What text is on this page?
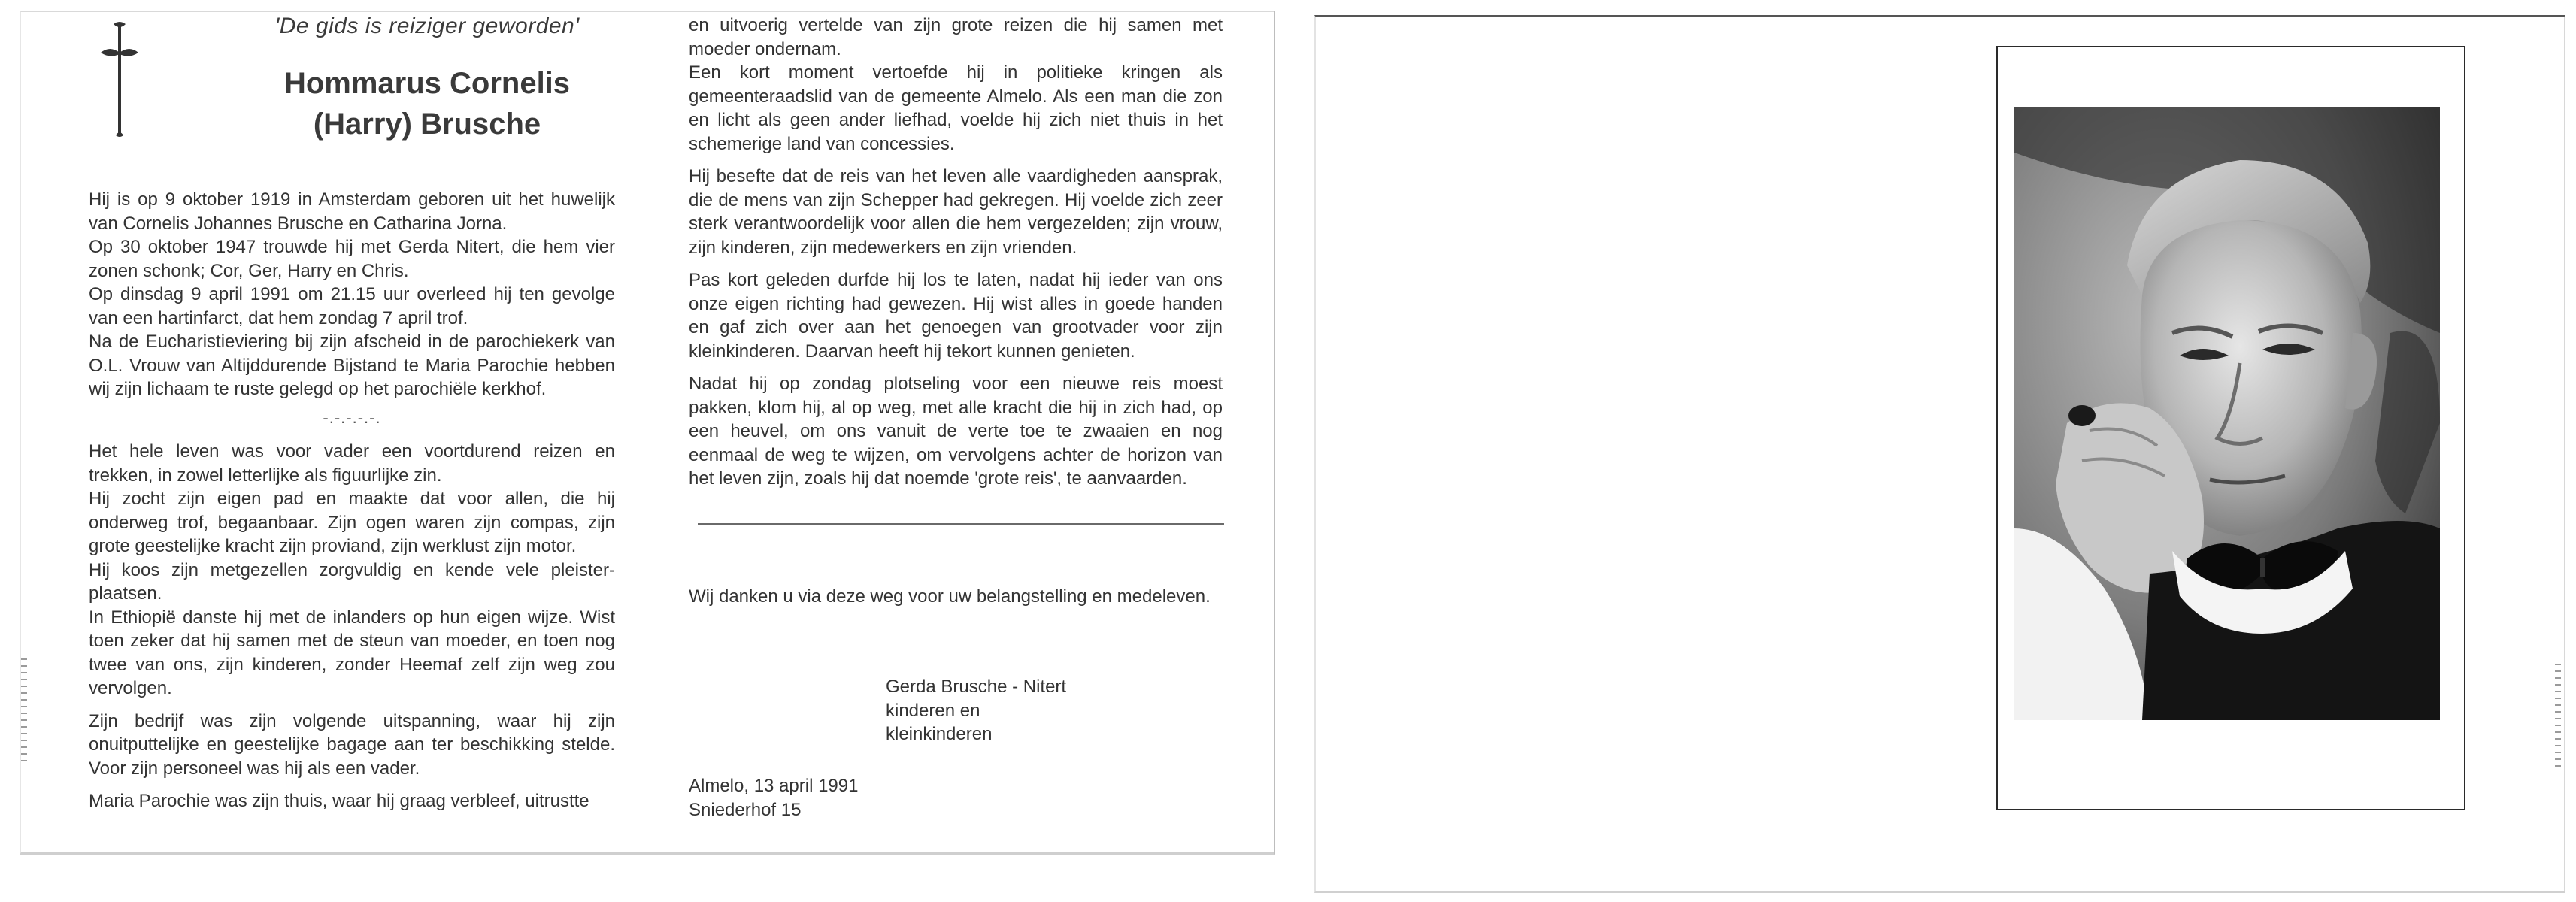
'De gids is reiziger geworden'
Hommarus Cornelis
(Harry) Brusche

Hij is op 9 oktober 1919 in Amsterdam geboren uit het huwelijk van Cornelis Johannes Brusche en Catharina Jorna.

Op 30 oktober 1947 trouwde hij met Gerda Nitert, die hem vier zonen schonk; Cor, Ger, Harry en Chris.

Op dinsdag 9 april 1991 om 21.15 uur overleed hij ten gevolge van een hartinfarct, dat hem zondag 7 april trof.

Na de Eucharistieviering bij zijn afscheid in de parochiekerk van O.L. Vrouw van Altijddurende Bijstand te Maria Parochie hebben wij zijn lichaam te ruste gelegd op het parochiële kerkhof.

-.-.-.-.-.

Het hele leven was voor vader een voortdurend reizen en trekken, in zowel letterlijke als figuurlijke zin.

Hij zocht zijn eigen pad en maakte dat voor allen, die hij onderweg trof, begaanbaar. Zijn ogen waren zijn compas, zijn grote geestelijke kracht zijn proviand, zijn werklust zijn motor.

Hij koos zijn metgezellen zorgvuldig en kende vele pleister-plaatsen.

In Ethiopië danste hij met de inlanders op hun eigen wijze. Wist toen zeker dat hij samen met de steun van moeder, en toen nog twee van ons, zijn kinderen, zonder Heemaf zelf zijn weg zou vervolgen.

Zijn bedrijf was zijn volgende uitspanning, waar hij zijn onuitputtelijke en geestelijke bagage aan ter beschikking stelde. Voor zijn personeel was hij als een vader.

Maria Parochie was zijn thuis, waar hij graag verbleef, uitrustte

en uitvoerig vertelde van zijn grote reizen die hij samen met moeder ondernam.

Een kort moment vertoefde hij in politieke kringen als gemeenteraadslid van de gemeente Almelo. Als een man die zon en licht als geen ander liefhad, voelde hij zich niet thuis in het schemerige land van concessies.

Hij besefte dat de reis van het leven alle vaardigheden aansprak, die de mens van zijn Schepper had gekregen. Hij voelde zich zeer sterk verantwoordelijk voor allen die hem vergezelden; zijn vrouw, zijn kinderen, zijn medewerkers en zijn vrienden.

Pas kort geleden durfde hij los te laten, nadat hij ieder van ons onze eigen richting had gewezen. Hij wist alles in goede handen en gaf zich over aan het genoegen van grootvader voor zijn kleinkinderen. Daarvan heeft hij tekort kunnen genieten.

Nadat hij op zondag plotseling voor een nieuwe reis moest pakken, klom hij, al op weg, met alle kracht die hij in zich had, op een heuvel, om ons vanuit de verte toe te zwaaien en nog eenmaal de weg te wijzen, om vervolgens achter de horizon van het leven zijn, zoals hij dat noemde 'grote reis', te aanvaarden.

Wij danken u via deze weg voor uw belangstelling en medeleven.
Gerda Brusche - Nitert
kinderen en
kleinkinderen
Almelo, 13 april 1991
Sniederhof 15
